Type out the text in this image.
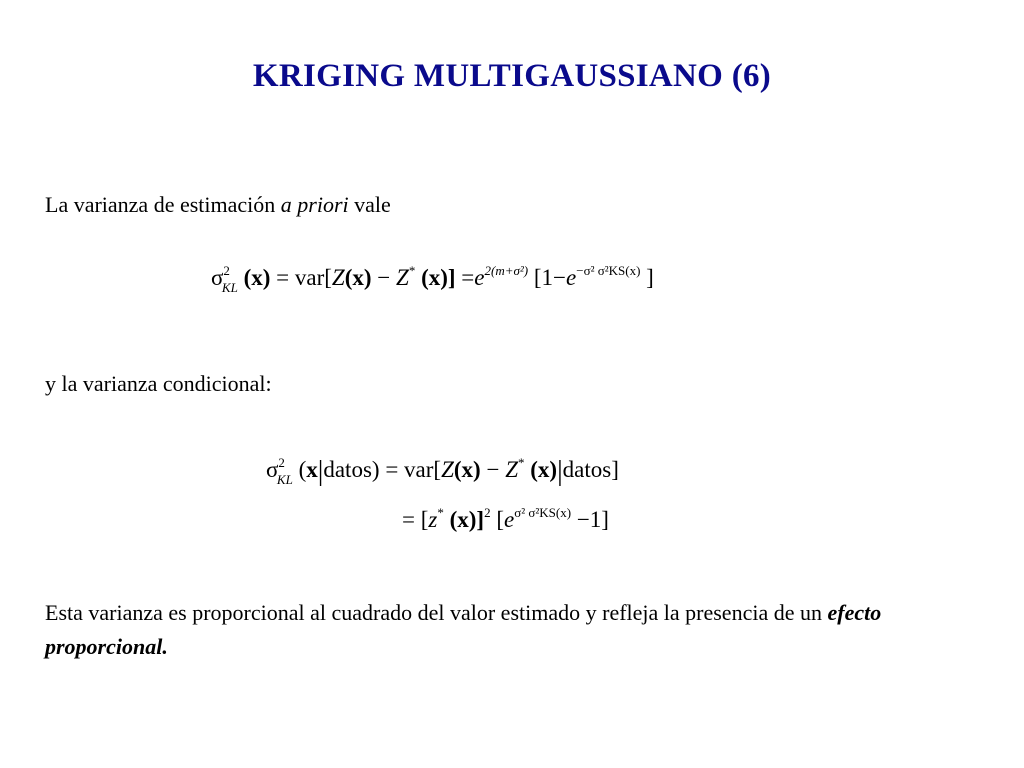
KRIGING MULTIGAUSSIANO (6)
La varianza de estimación a priori vale
$\sigma^2_{KL}$ (x) = var[Z(x) − Z* $(x)] =e^{2(m+\sigma^2)}$ [$1-e^{-\sigma^2 \sigma^2KS(x)}$ ]
y la varianza condicional:
$\sigma^2_{KL}$ (x|datos) = var[Z(x) − Z* (x)|datos]
= [z* (x)]$^2$ $[e^{\sigma^2 \sigma^2KS(x)} -1]$
Esta varianza es proporcional al cuadrado del valor estimado y refleja la presencia de un efecto proporcional.
